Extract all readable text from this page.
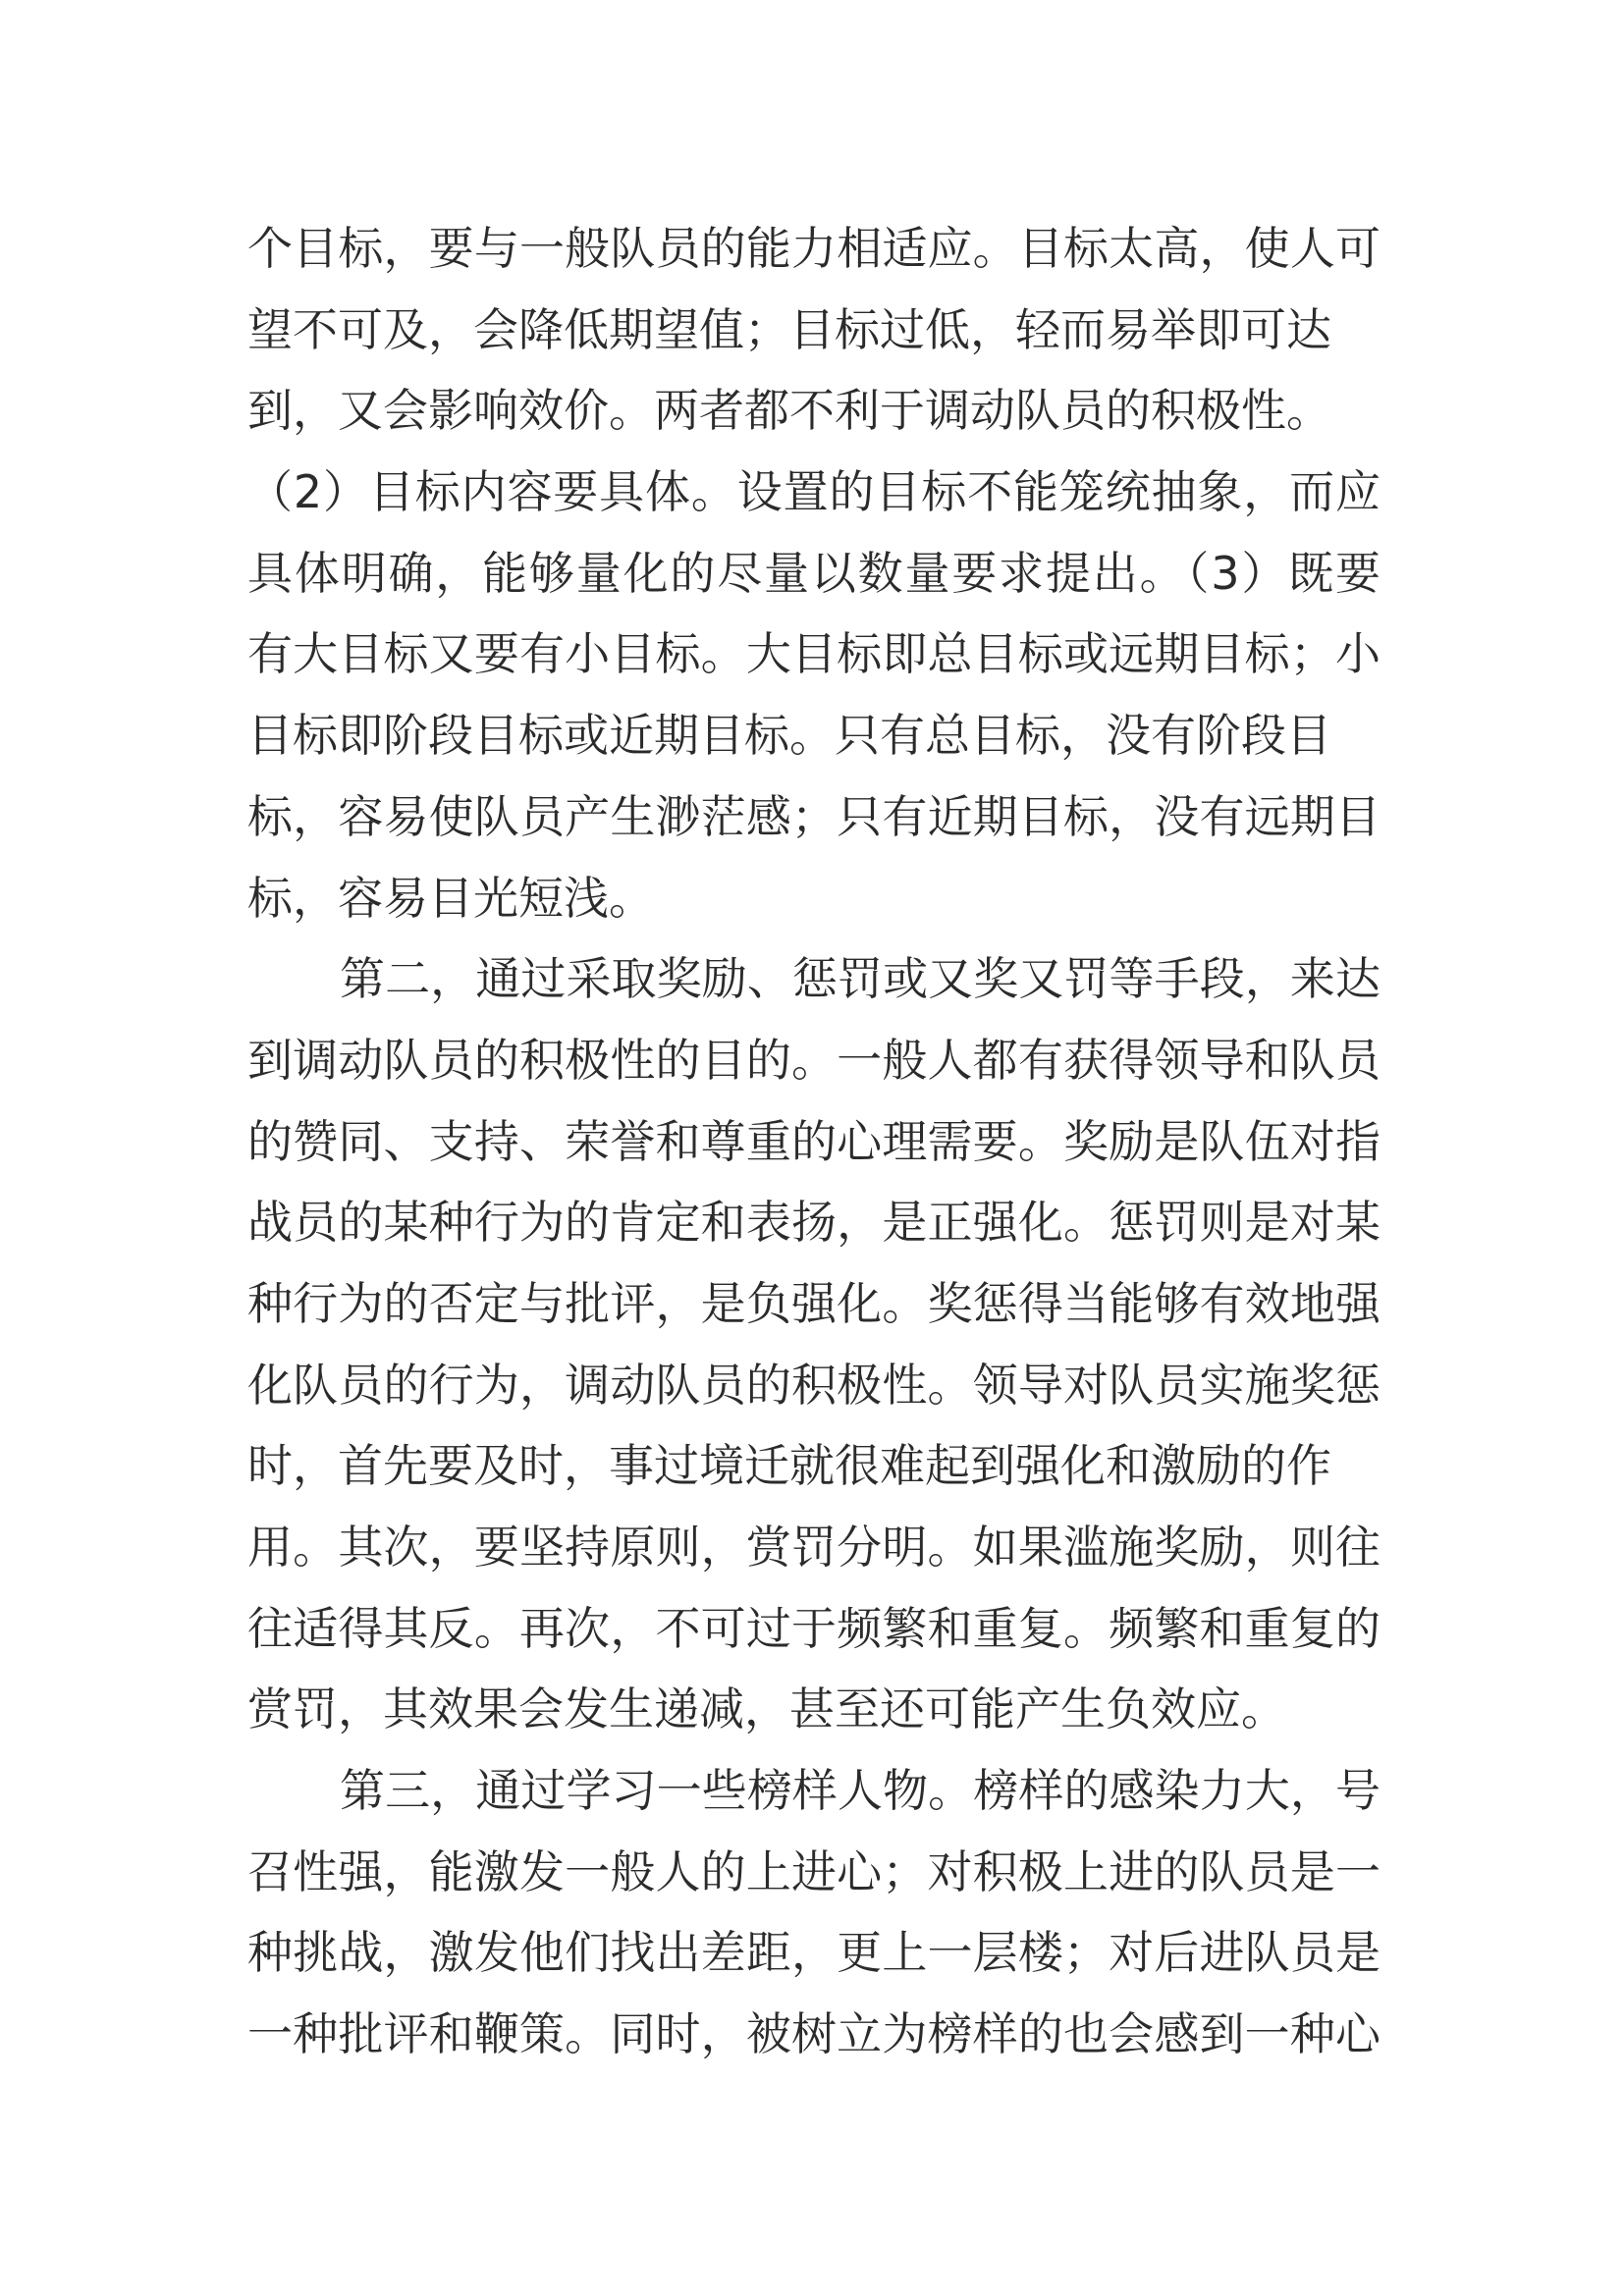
个目标，要与一般队员的能力相适应。目标太高，使人可
望不可及，会降低期望值；目标过低，轻而易举即可达
到，又会影响效价。两者都不利于调动队员的积极性。
（2）目标内容要具体。设置的目标不能笼统抽象，而应
具体明确，能够量化的尽量以数量要求提出。（3）既要
有大目标又要有小目标。大目标即总目标或远期目标；小
目标即阶段目标或近期目标。只有总目标，没有阶段目
标，容易使队员产生渺茫感；只有近期目标，没有远期目
标，容易目光短浅。
第二，通过采取奖励、惩罚或又奖又罚等手段，来达
到调动队员的积极性的目的。一般人都有获得领导和队员
的赞同、支持、荣誉和尊重的心理需要。奖励是队伍对指
战员的某种行为的肯定和表扬，是正强化。惩罚则是对某
种行为的否定与批评，是负强化。奖惩得当能够有效地强
化队员的行为，调动队员的积极性。领导对队员实施奖惩
时，首先要及时，事过境迁就很难起到强化和激励的作
用。其次，要坚持原则，赏罚分明。如果滥施奖励，则往
往适得其反。再次，不可过于频繁和重复。频繁和重复的
赏罚，其效果会发生递减，甚至还可能产生负效应。
第三，通过学习一些榜样人物。榜样的感染力大，号
召性强，能激发一般人的上进心；对积极上进的队员是一
种挑战，激发他们找出差距，更上一层楼；对后进队员是
一种批评和鞭策。同时，被树立为榜样的也会感到一种心
